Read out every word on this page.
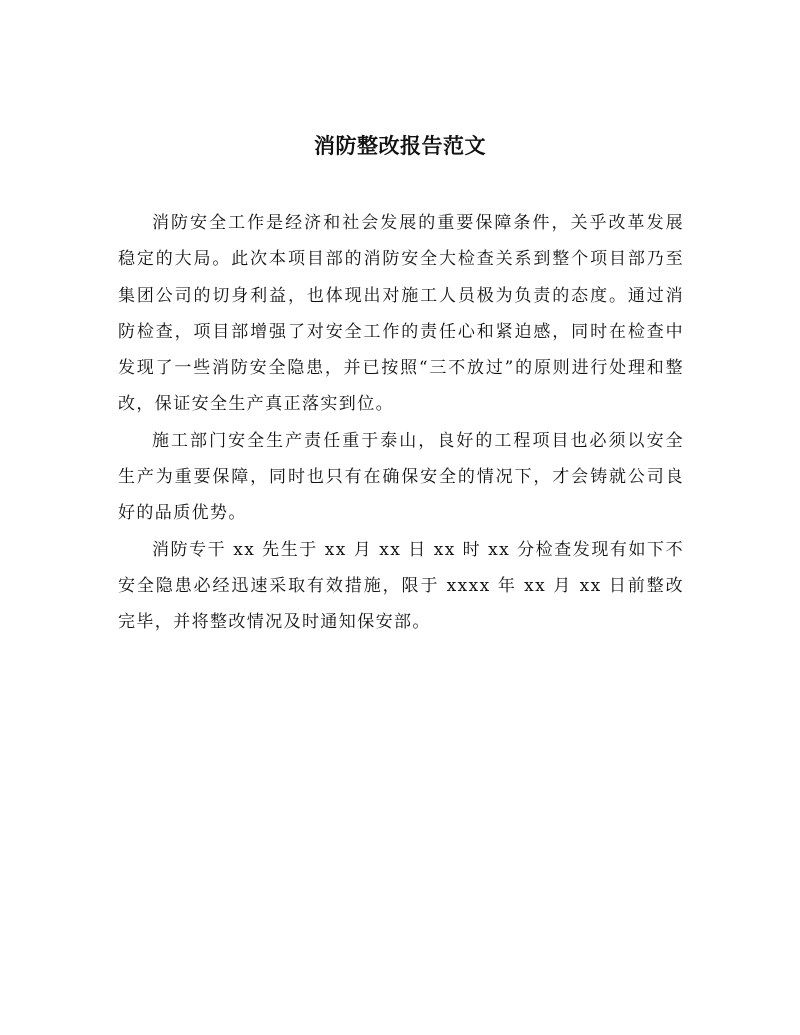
消防整改报告范文

消防安全工作是经济和社会发展的重要保障条件，关乎改革发展稳定的大局。此次本项目部的消防安全大检查关系到整个项目部乃至集团公司的切身利益，也体现出对施工人员极为负责的态度。通过消防检查，项目部增强了对安全工作的责任心和紧迫感，同时在检查中发现了一些消防安全隐患，并已按照“三不放过”的原则进行处理和整改，保证安全生产真正落实到位。

施工部门安全生产责任重于泰山，良好的工程项目也必须以安全生产为重要保障，同时也只有在确保安全的情况下，才会铸就公司良好的品质优势。

消防专干 xx 先生于 xx 月 xx 日 xx 时 xx 分检查发现有如下不安全隐患必经迅速采取有效措施，限于 xxxx 年 xx 月 xx 日前整改完毕，并将整改情况及时通知保安部。
